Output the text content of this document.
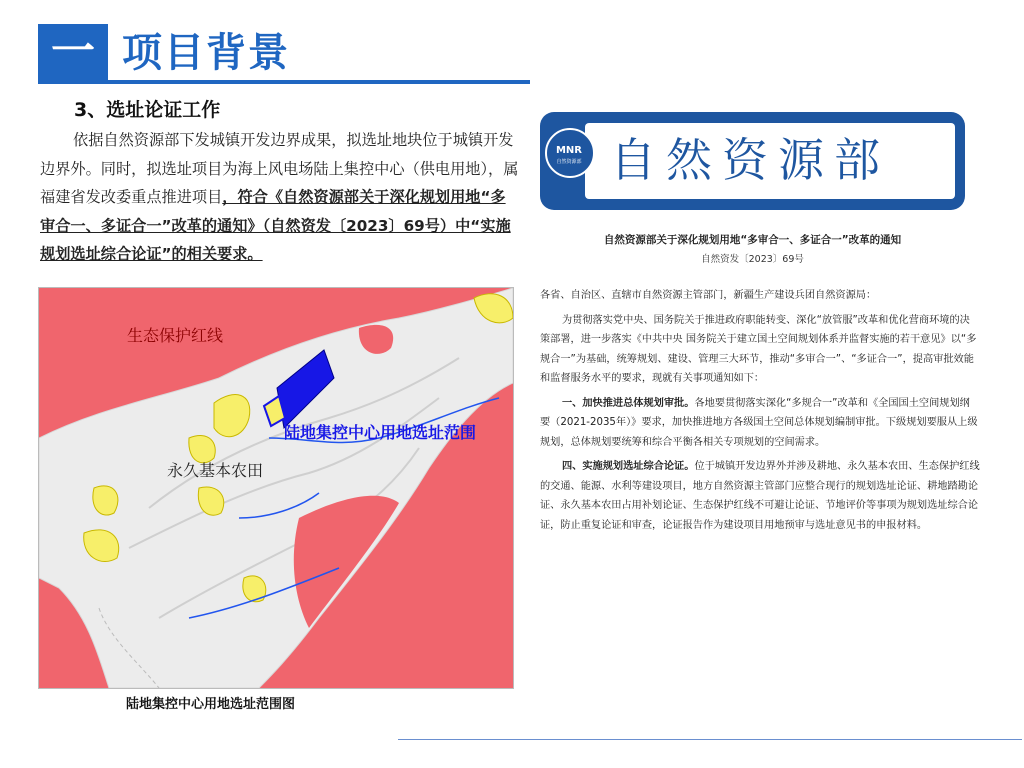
一 项目背景
3、选址论证工作
依据自然资源部下发城镇开发边界成果，拟选址地块位于城镇开发边界外。同时，拟选址项目为海上风电场陆上集控中心（供电用地），属福建省发改委重点推进项目，符合《自然资源部关于深化规划用地“多审合一、多证合一”改革的通知》（自然资发〔2023〕69号）中“实施规划选址综合论证”的相关要求。
生态保护红线
永久基本农田
陆地集控中心用地选址范围
陆地集控中心用地选址范围图
MNR
自然资源部 自然资源部
自然资源部关于深化规划用地“多审合一、多证合一”改革的通知
自然资发〔2023〕69号

各省、自治区、直辖市自然资源主管部门，新疆生产建设兵团自然资源局：

为贯彻落实党中央、国务院关于推进政府职能转变、深化“放管服”改革和优化营商环境的决策部署，进一步落实《中共中央 国务院关于建立国土空间规划体系并监督实施的若干意见》以“多规合一”为基础，统筹规划、建设、管理三大环节，推动“多审合一”、“多证合一”，提高审批效能和监督服务水平的要求，现就有关事项通知如下：

一、加快推进总体规划审批。各地要贯彻落实深化“多规合一”改革和《全国国土空间规划纲要（2021-2035年）》要求，加快推进地方各级国土空间总体规划编制审批。下级规划要服从上级规划，总体规划要统筹和综合平衡各相关专项规划的空间需求。

四、实施规划选址综合论证。位于城镇开发边界外并涉及耕地、永久基本农田、生态保护红线的交通、能源、水利等建设项目，地方自然资源主管部门应整合现行的规划选址论证、耕地踏勘论证、永久基本农田占用补划论证、生态保护红线不可避让论证、节地评价等事项为规划选址综合论证，防止重复论证和审查，论证报告作为建设项目用地预审与选址意见书的申报材料。
